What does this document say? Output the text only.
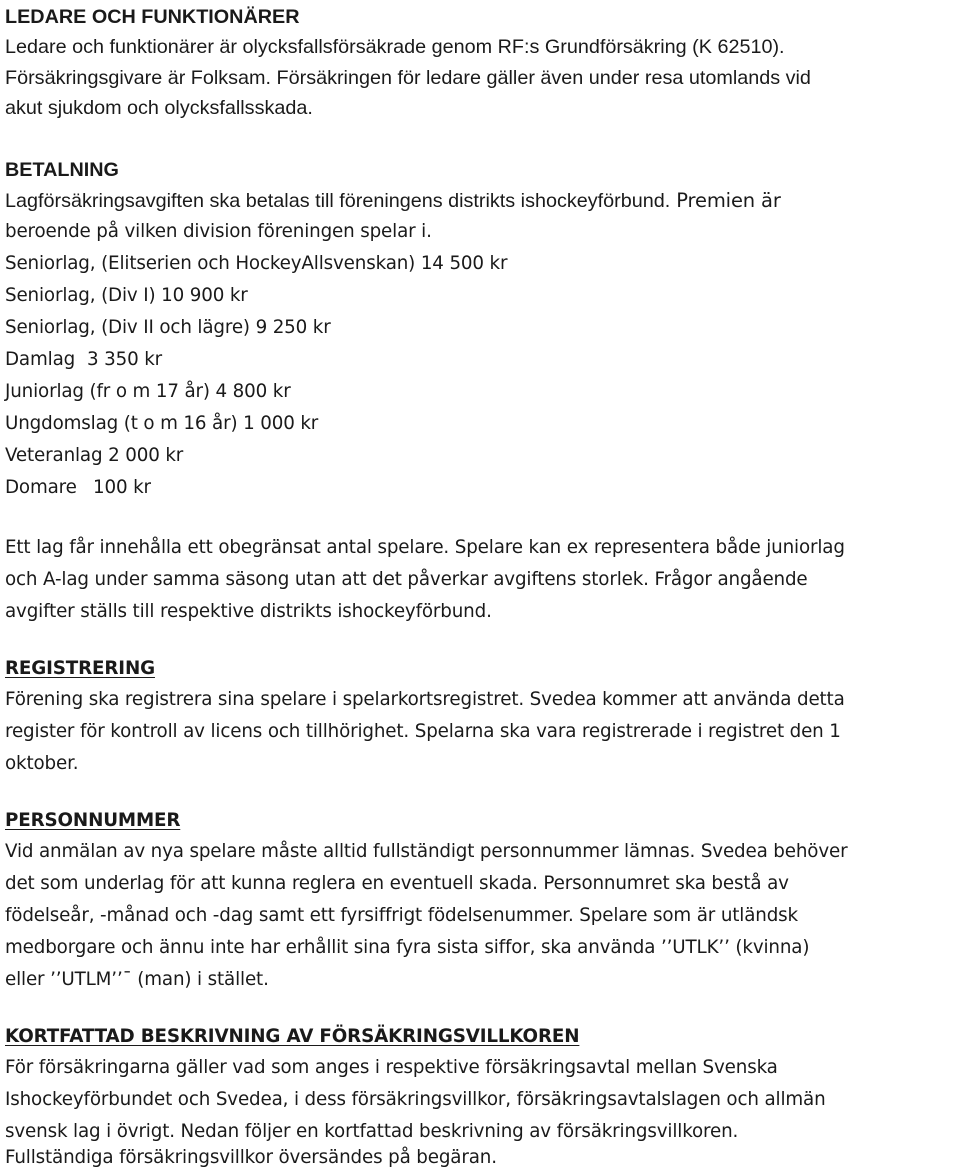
LEDARE OCH FUNKTIONÄRER
Ledare och funktionärer är olycksfallsförsäkrade genom RF:s Grundförsäkring (K 62510).
Försäkringsgivare är Folksam. Försäkringen för ledare gäller även under resa utomlands vid
akut sjukdom och olycksfallsskada.
BETALNING
Lagförsäkringsavgiften ska betalas till föreningens distrikts ishockeyförbund. Premien är
beroende på vilken division föreningen spelar i.
Seniorlag, (Elitserien och HockeyAllsvenskan) 14 500 kr
Seniorlag, (Div I) 10 900 kr
Seniorlag, (Div II och lägre) 9 250 kr
Damlag 3 350 kr
Juniorlag (fr o m 17 år) 4 800 kr
Ungdomslag (t o m 16 år) 1 000 kr
Veteranlag 2 000 kr
Domare 100 kr
Ett lag får innehålla ett obegränsat antal spelare. Spelare kan ex representera både juniorlag
och A-lag under samma säsong utan att det påverkar avgiftens storlek. Frågor angående
avgifter ställs till respektive distrikts ishockeyförbund.
REGISTRERING
Förening ska registrera sina spelare i spelarkortsregistret. Svedea kommer att använda detta
register för kontroll av licens och tillhörighet. Spelarna ska vara registrerade i registret den 1
oktober.
PERSONNUMMER
Vid anmälan av nya spelare måste alltid fullständigt personnummer lämnas. Svedea behöver
det som underlag för att kunna reglera en eventuell skada. Personnumret ska bestå av
födelseår, -månad och -dag samt ett fyrsiffrigt födelsenummer. Spelare som är utländsk
medborgare och ännu inte har erhållit sina fyra sista siffor, ska använda ’’UTLK’’ (kvinna)
eller ’’UTLM’’ˉ (man) i stället.
KORTFATTAD BESKRIVNING AV FÖRSÄKRINGSVILLKOREN
För försäkringarna gäller vad som anges i respektive försäkringsavtal mellan Svenska
Ishockeyförbundet och Svedea, i dess försäkringsvillkor, försäkringsavtalslagen och allmän
svensk lag i övrigt. Nedan följer en kortfattad beskrivning av försäkringsvillkoren.
Fullständiga försäkringsvillkor översändes på begäran.
